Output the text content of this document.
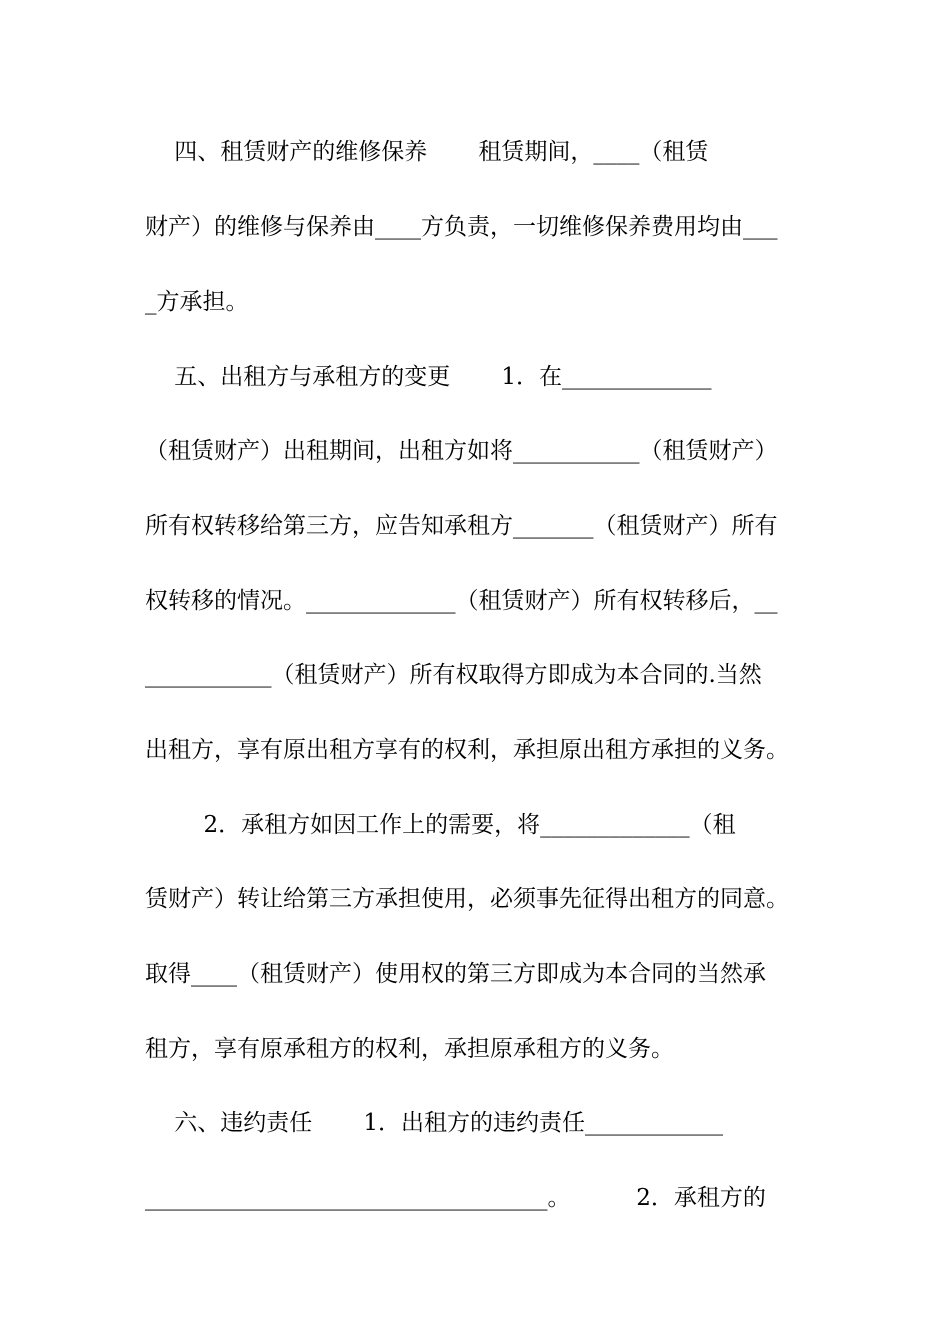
四、租赁财产的维修保养       租赁期间，____（租赁
财产）的维修与保养由____方负责，一切维修保养费用均由___
_方承担。
五、出租方与承租方的变更       1．在_____________
（租赁财产）出租期间，出租方如将___________（租赁财产）
所有权转移给第三方，应告知承租方_______（租赁财产）所有
权转移的情况。_____________（租赁财产）所有权转移后，__
___________（租赁财产）所有权取得方即成为本合同的.当然
出租方，享有原出租方享有的权利，承担原出租方承担的义务。
2．承租方如因工作上的需要，将_____________（租
赁财产）转让给第三方承担使用，必须事先征得出租方的同意。
取得____（租赁财产）使用权的第三方即成为本合同的当然承
租方，享有原承租方的权利，承担原承租方的义务。
六、违约责任       1．出租方的违约责任____________
___________________________________。         2．承租方的
